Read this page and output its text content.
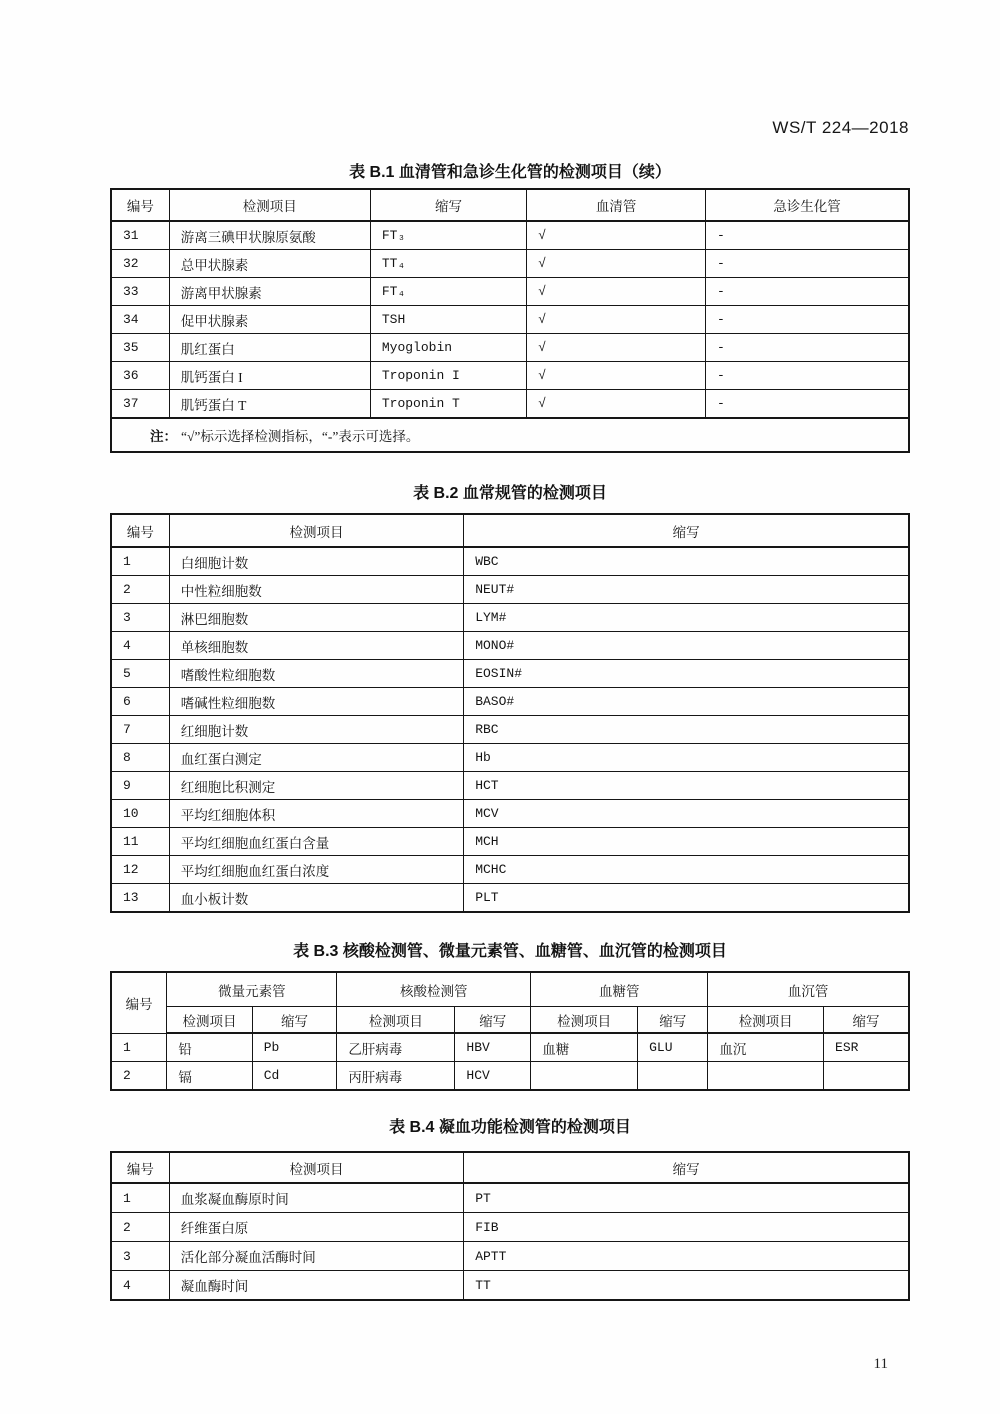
WS/T 224—2018
表 B.1 血清管和急诊生化管的检测项目（续）
编号	检测项目	缩写	血清管	急诊生化管
31	游离三碘甲状腺原氨酸	FT₃	√	-
32	总甲状腺素	TT₄	√	-
33	游离甲状腺素	FT₄	√	-
34	促甲状腺素	TSH	√	-
35	肌红蛋白	Myoglobin	√	-
36	肌钙蛋白 I	Troponin I	√	-
37	肌钙蛋白 T	Troponin T	√	-
注： “√”标示选择检测指标，“-”表示可选择。				
表 B.2 血常规管的检测项目
编号	检测项目	缩写
1	白细胞计数	WBC
2	中性粒细胞数	NEUT#
3	淋巴细胞数	LYM#
4	单核细胞数	MONO#
5	嗜酸性粒细胞数	EOSIN#
6	嗜碱性粒细胞数	BASO#
7	红细胞计数	RBC
8	血红蛋白测定	Hb
9	红细胞比积测定	HCT
10	平均红细胞体积	MCV
11	平均红细胞血红蛋白含量	MCH
12	平均红细胞血红蛋白浓度	MCHC
13	血小板计数	PLT
表 B.3 核酸检测管、微量元素管、血糖管、血沉管的检测项目
编号	微量元素管		核酸检测管		血糖管		血沉管	
	检测项目	缩写	检测项目	缩写	检测项目	缩写	检测项目	缩写
1	铅	Pb	乙肝病毒	HBV	血糖	GLU	血沉	ESR
2	镉	Cd	丙肝病毒	HCV				
表 B.4 凝血功能检测管的检测项目
编号	检测项目	缩写
1	血浆凝血酶原时间	PT
2	纤维蛋白原	FIB
3	活化部分凝血活酶时间	APTT
4	凝血酶时间	TT
11
